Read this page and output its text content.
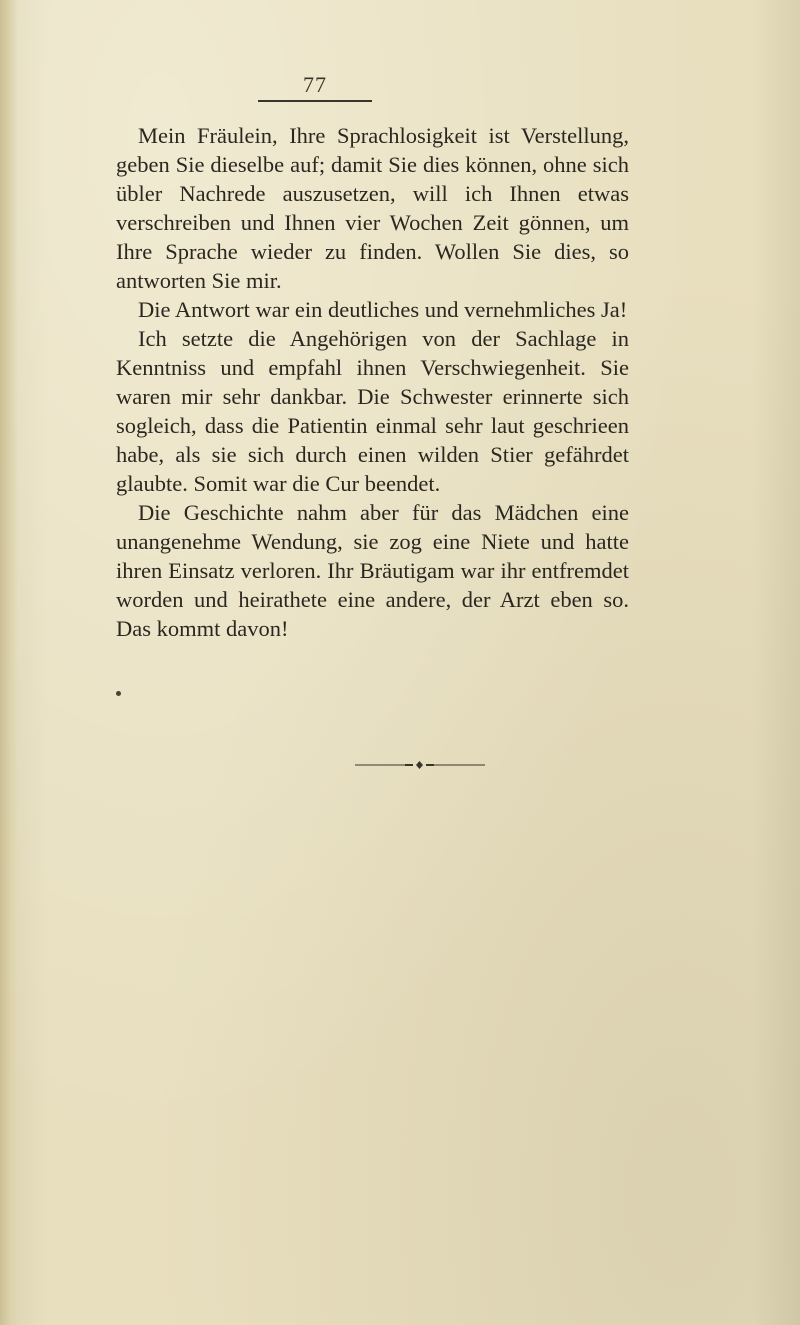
77

Mein Fräulein, Ihre Sprachlosigkeit ist Verstellung, geben Sie dieselbe auf; damit Sie dies können, ohne sich übler Nachrede auszusetzen, will ich Ihnen etwas verschreiben und Ihnen vier Wochen Zeit gönnen, um Ihre Sprache wieder zu finden. Wollen Sie dies, so antworten Sie mir.

Die Antwort war ein deutliches und vernehmliches Ja!

Ich setzte die Angehörigen von der Sachlage in Kenntniss und empfahl ihnen Verschwiegenheit. Sie waren mir sehr dankbar. Die Schwester erinnerte sich sogleich, dass die Patientin einmal sehr laut geschrieen habe, als sie sich durch einen wilden Stier gefährdet glaubte. Somit war die Cur beendet.

Die Geschichte nahm aber für das Mädchen eine unangenehme Wendung, sie zog eine Niete und hatte ihren Einsatz verloren. Ihr Bräutigam war ihr entfremdet worden und heirathete eine andere, der Arzt eben so. Das kommt davon!
